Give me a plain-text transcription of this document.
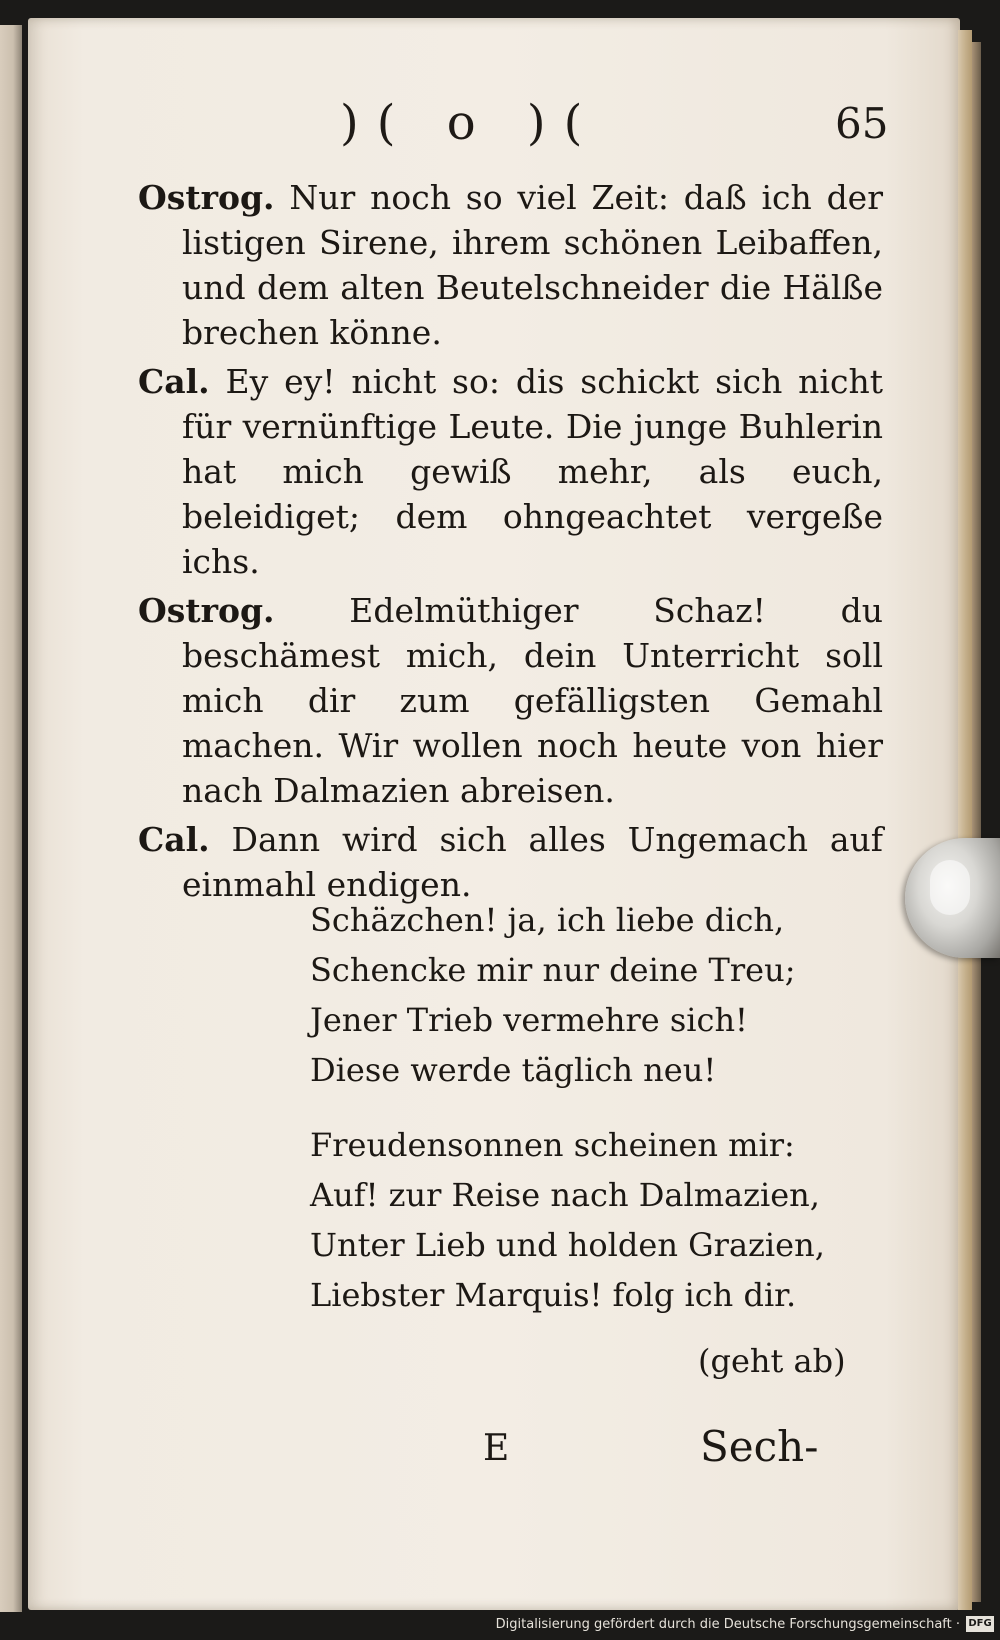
)( o )(	65

Ostrog. Nur noch so viel Zeit: daß ich der listigen Sirene, ihrem schönen Leibaffen, und dem alten Beutelschneider die Hälße brechen könne.

Cal. Ey ey! nicht so: dis schickt sich nicht für vernünftige Leute. Die junge Buhlerin hat mich gewiß mehr, als euch, beleidiget; dem ohngeachtet vergeße ichs.

Ostrog. Edelmüthiger Schaz! du beschämest mich, dein Unterricht soll mich dir zum gefälligsten Gemahl machen. Wir wollen noch heute von hier nach Dalmazien abreisen.

Cal. Dann wird sich alles Ungemach auf einmahl endigen.

Schäzchen! ja, ich liebe dich,
Schencke mir nur deine Treu;
Jener Trieb vermehre sich!
Diese werde täglich neu!
Freudensonnen scheinen mir:
Auf! zur Reise nach Dalmazien,
Unter Lieb und holden Grazien,
Liebster Marquis! folg ich dir.
(geht ab)
E	Sech-
Digitalisierung gefördert durch die Deutsche Forschungsgemeinschaft · DFG
